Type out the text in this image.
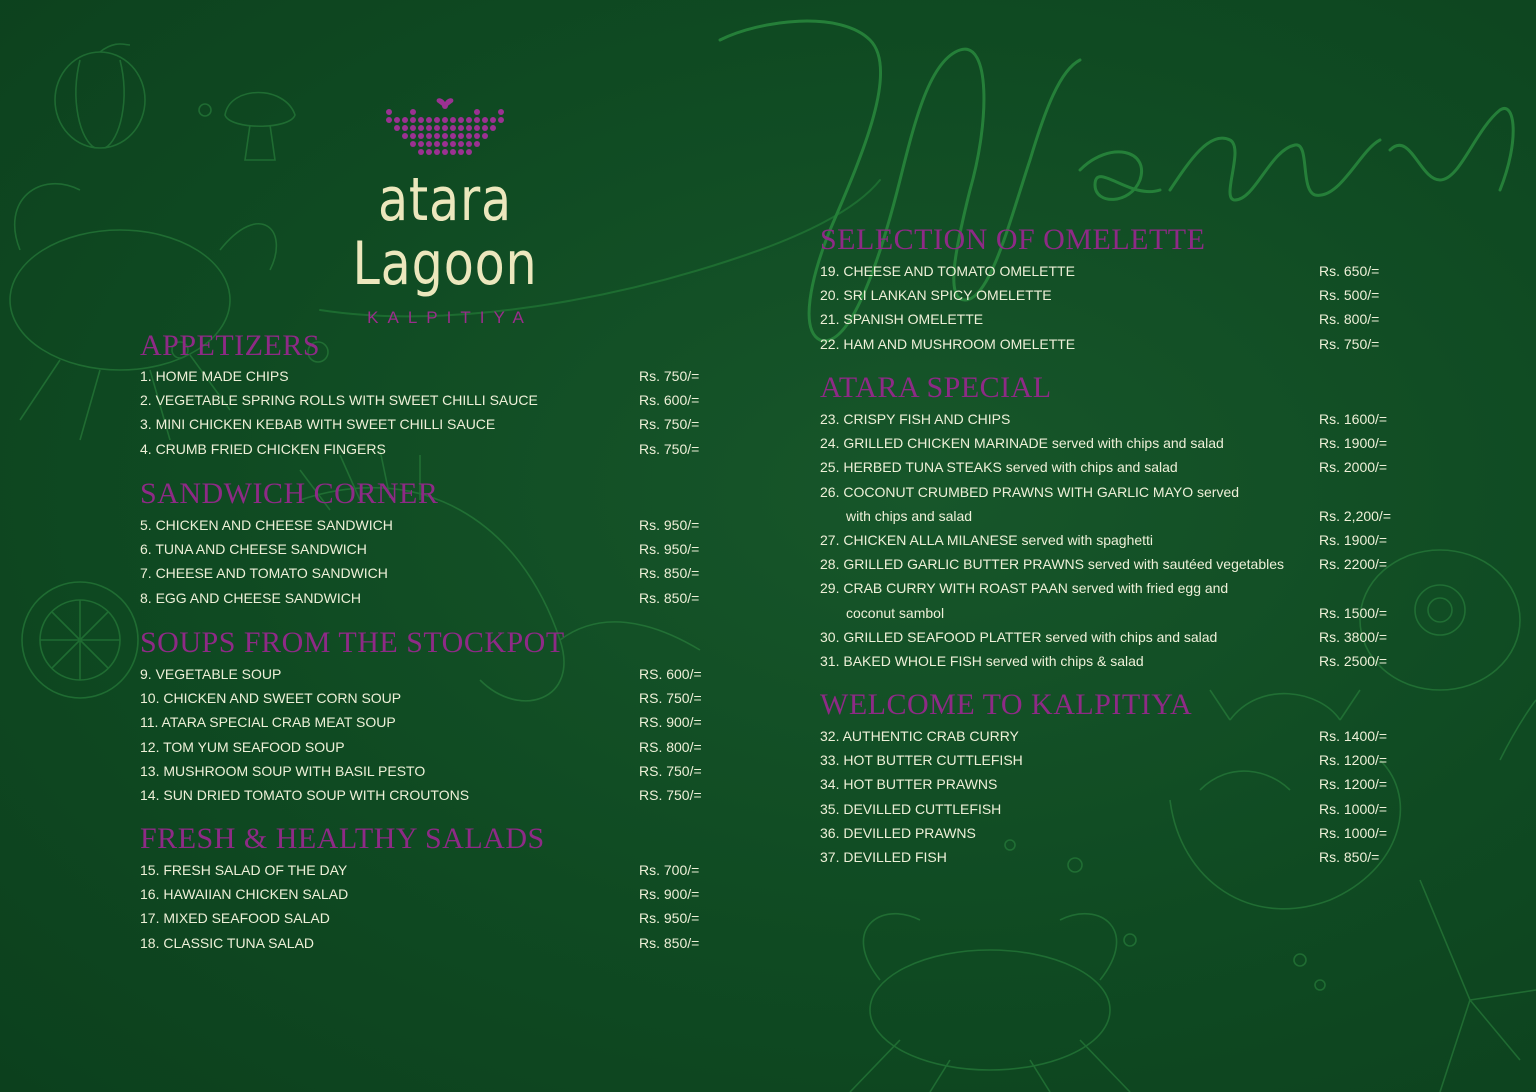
atara Lagoon
KALPITIYA
APPETIZERS
1. HOME MADE CHIPS	Rs. 750/=
2. VEGETABLE SPRING ROLLS WITH SWEET CHILLI SAUCE	Rs. 600/=
3. MINI CHICKEN KEBAB WITH SWEET CHILLI SAUCE	Rs. 750/=
4. CRUMB FRIED CHICKEN FINGERS	Rs. 750/=
SANDWICH CORNER
5. CHICKEN AND CHEESE SANDWICH	Rs. 950/=
6. TUNA AND CHEESE SANDWICH	Rs. 950/=
7. CHEESE AND TOMATO SANDWICH	Rs. 850/=
8. EGG AND CHEESE SANDWICH	Rs. 850/=
SOUPS FROM THE STOCKPOT
9. VEGETABLE SOUP	RS. 600/=
10. CHICKEN AND SWEET CORN SOUP	RS. 750/=
11. ATARA SPECIAL CRAB MEAT SOUP	RS. 900/=
12. TOM YUM SEAFOOD SOUP	RS. 800/=
13. MUSHROOM SOUP WITH BASIL PESTO	RS. 750/=
14. SUN DRIED TOMATO SOUP WITH CROUTONS	RS. 750/=
FRESH & HEALTHY SALADS
15. FRESH SALAD OF THE DAY	Rs. 700/=
16. HAWAIIAN CHICKEN SALAD	Rs. 900/=
17. MIXED SEAFOOD SALAD	Rs. 950/=
18. CLASSIC TUNA SALAD	Rs. 850/=
SELECTION OF OMELETTE
19. CHEESE AND TOMATO OMELETTE	Rs. 650/=
20. SRI LANKAN SPICY OMELETTE	Rs. 500/=
21. SPANISH OMELETTE	Rs. 800/=
22. HAM AND MUSHROOM OMELETTE	Rs. 750/=
ATARA SPECIAL
23. CRISPY FISH AND CHIPS	Rs. 1600/=
24. GRILLED CHICKEN MARINADE served with chips and salad	Rs. 1900/=
25. HERBED TUNA STEAKS served with chips and salad	Rs. 2000/=
26. COCONUT CRUMBED PRAWNS WITH GARLIC MAYO served
with chips and salad	Rs. 2,200/=
27. CHICKEN ALLA MILANESE served with spaghetti	Rs. 1900/=
28. GRILLED GARLIC BUTTER PRAWNS served with sautéed vegetables	Rs. 2200/=
29. CRAB CURRY WITH ROAST PAAN served with fried egg and
coconut sambol	Rs. 1500/=
30. GRILLED SEAFOOD PLATTER served with chips and salad	Rs. 3800/=
31. BAKED WHOLE FISH served with chips & salad	Rs. 2500/=
WELCOME TO KALPITIYA
32. AUTHENTIC CRAB CURRY	Rs. 1400/=
33. HOT BUTTER CUTTLEFISH	Rs. 1200/=
34. HOT BUTTER PRAWNS	Rs. 1200/=
35. DEVILLED CUTTLEFISH	Rs. 1000/=
36. DEVILLED PRAWNS	Rs. 1000/=
37. DEVILLED FISH	Rs. 850/=
